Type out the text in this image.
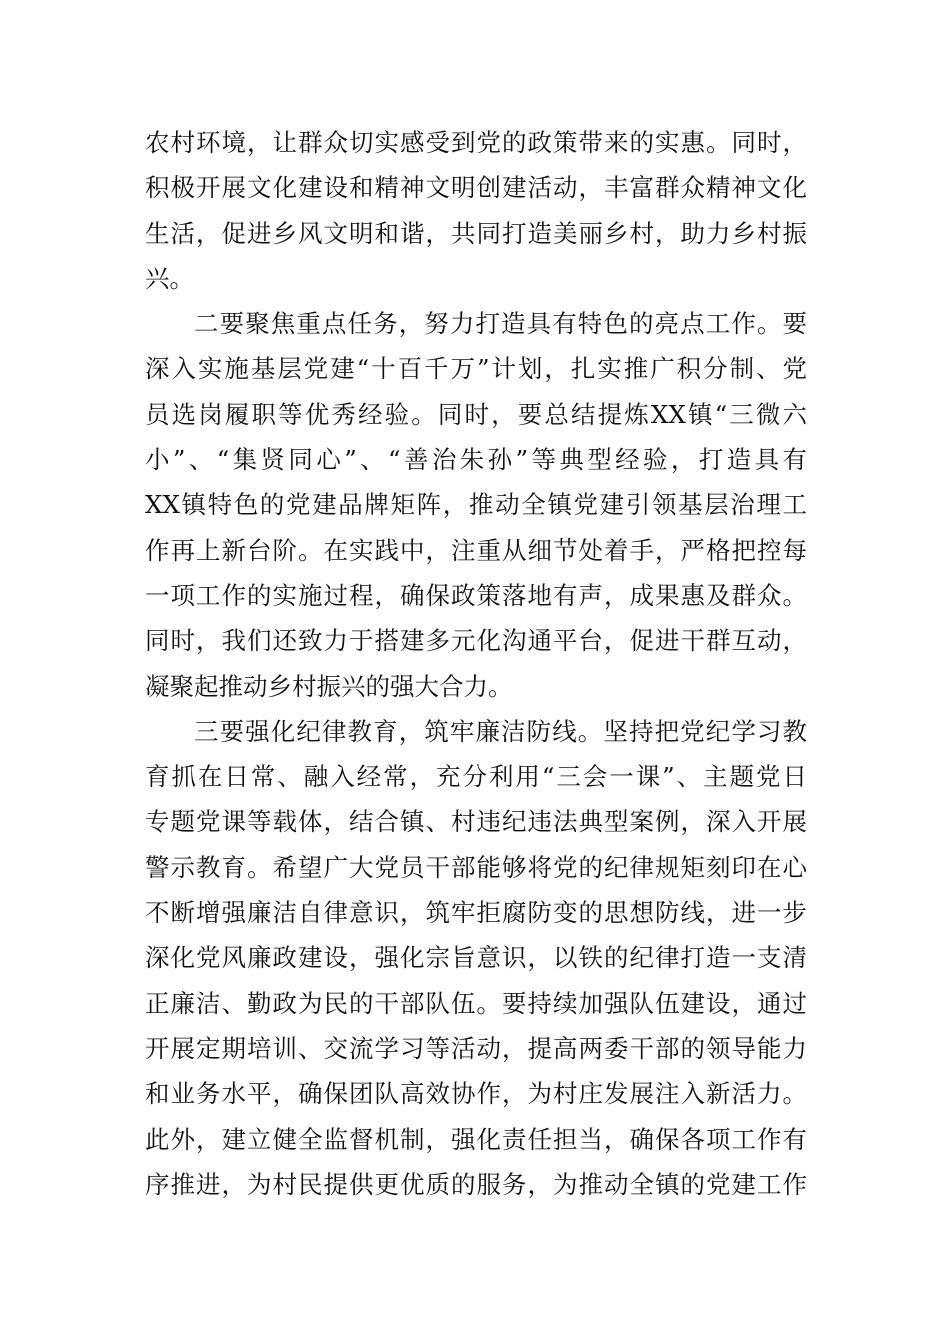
农村环境，让群众切实感受到党的政策带来的实惠。同时，
积极开展文化建设和精神文明创建活动，丰富群众精神文化
生活，促进乡风文明和谐，共同打造美丽乡村，助力乡村振
兴。
二要聚焦重点任务，努力打造具有特色的亮点工作。要
深入实施基层党建“十百千万”计划，扎实推广积分制、党
员选岗履职等优秀经验。同时，要总结提炼XX镇“三微六
小”、“集贤同心”、“善治朱孙”等典型经验，打造具有
XX镇特色的党建品牌矩阵，推动全镇党建引领基层治理工
作再上新台阶。在实践中，注重从细节处着手，严格把控每
一项工作的实施过程，确保政策落地有声，成果惠及群众。
同时，我们还致力于搭建多元化沟通平台，促进干群互动，
凝聚起推动乡村振兴的强大合力。
三要强化纪律教育，筑牢廉洁防线。坚持把党纪学习教
育抓在日常、融入经常，充分利用“三会一课”、主题党日
专题党课等载体，结合镇、村违纪违法典型案例，深入开展
警示教育。希望广大党员干部能够将党的纪律规矩刻印在心
不断增强廉洁自律意识，筑牢拒腐防变的思想防线，进一步
深化党风廉政建设，强化宗旨意识，以铁的纪律打造一支清
正廉洁、勤政为民的干部队伍。要持续加强队伍建设，通过
开展定期培训、交流学习等活动，提高两委干部的领导能力
和业务水平，确保团队高效协作，为村庄发展注入新活力。
此外，建立健全监督机制，强化责任担当，确保各项工作有
序推进，为村民提供更优质的服务，为推动全镇的党建工作
